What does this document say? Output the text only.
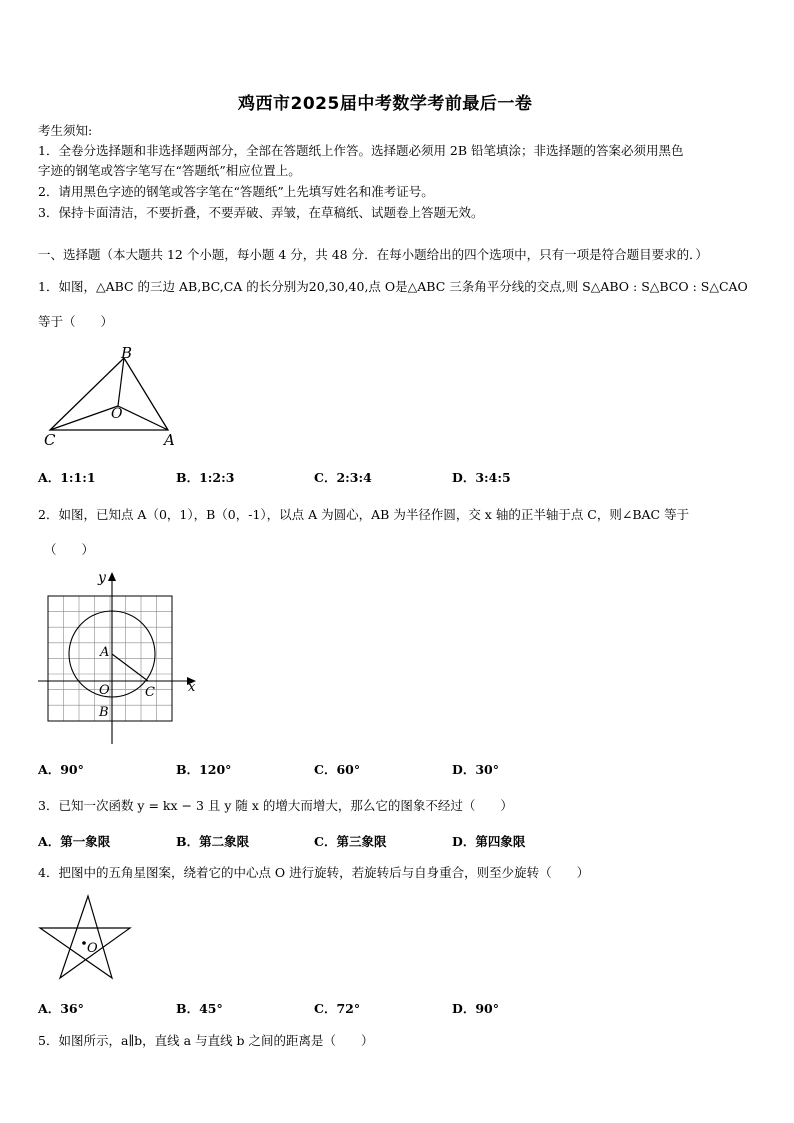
鸡西市2025届中考数学考前最后一卷
考生须知:
1．全卷分选择题和非选择题两部分，全部在答题纸上作答。选择题必须用 2B 铅笔填涂；非选择题的答案必须用黑色
字迹的钢笔或答字笔写在“答题纸”相应位置上。
2．请用黑色字迹的钢笔或答字笔在“答题纸”上先填写姓名和准考证号。
3．保持卡面清洁，不要折叠，不要弄破、弄皱，在草稿纸、试题卷上答题无效。
一、选择题（本大题共 12 个小题，每小题 4 分，共 48 分．在每小题给出的四个选项中，只有一项是符合题目要求的．）
1．如图，△ABC 的三边 AB,BC,CA 的长分别为20,30,40,点 O是△ABC 三条角平分线的交点,则 S△ABO : S△BCO : S△CAO
等于（　　）
B
O
C	A
A．1:1:1	B．1:2:3	C．2:3:4	D．3:4:5
2．如图，已知点 A（0，1），B（0，-1），以点 A 为圆心，AB 为半径作圆，交 x 轴的正半轴于点 C，则∠BAC 等于
（　　）
y
A
O	C	x
B
A．90°	B．120°	C．60°	D．30°
3．已知一次函数 y = kx − 3 且 y 随 x 的增大而增大，那么它的图象不经过（　　）
A．第一象限	B．第二象限	C．第三象限	D．第四象限
4．把图中的五角星图案，绕着它的中心点 O 进行旋转，若旋转后与自身重合，则至少旋转（　　）
O
A．36°	B．45°	C．72°	D．90°
5．如图所示，a∥b，直线 a 与直线 b 之间的距离是（　　）
